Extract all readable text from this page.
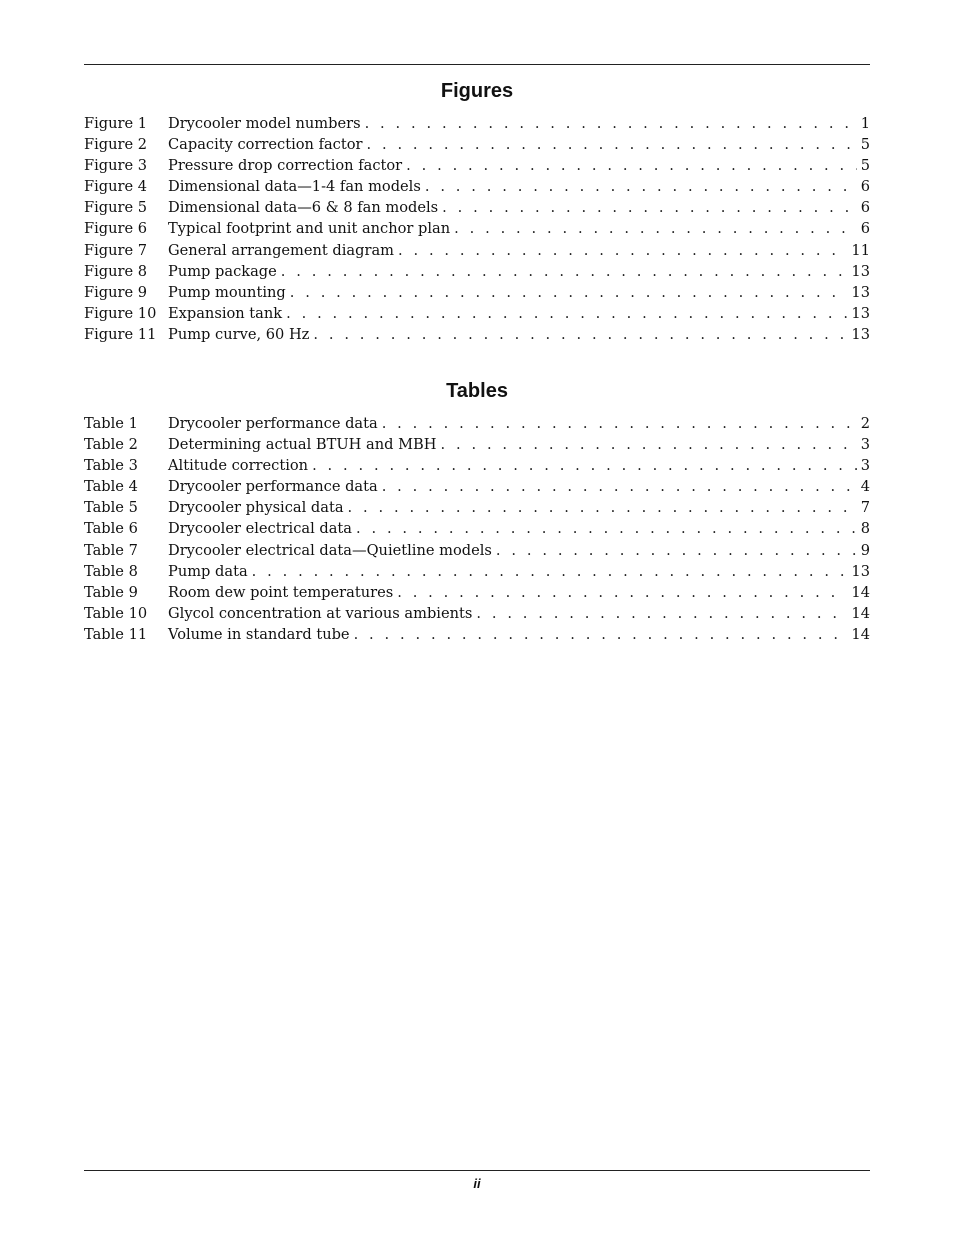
Figures
Figure 1	Drycooler model numbers . . .	1
Figure 2	Capacity correction factor . . .	5
Figure 3	Pressure drop correction factor . . .	5
Figure 4	Dimensional data—1-4 fan models . . .	6
Figure 5	Dimensional data—6 & 8 fan models . . .	6
Figure 6	Typical footprint and unit anchor plan . . .	6
Figure 7	General arrangement diagram . . .	11
Figure 8	Pump package . . .	13
Figure 9	Pump mounting . . .	13
Figure 10 Expansion tank . . .	13
Figure 11 Pump curve, 60 Hz . . .	13
Tables
Table 1	Drycooler performance data . . .	2
Table 2	Determining actual BTUH and MBH . . .	3
Table 3	Altitude correction . . .	3
Table 4	Drycooler performance data . . .	4
Table 5	Drycooler physical data . . .	7
Table 6	Drycooler electrical data . . .	8
Table 7	Drycooler electrical data—Quietline models . . .	9
Table 8	Pump data . . .	13
Table 9	Room dew point temperatures . . .	14
Table 10	Glycol concentration at various ambients . . .	14
Table 11	Volume in standard tube . . .	14
ii
